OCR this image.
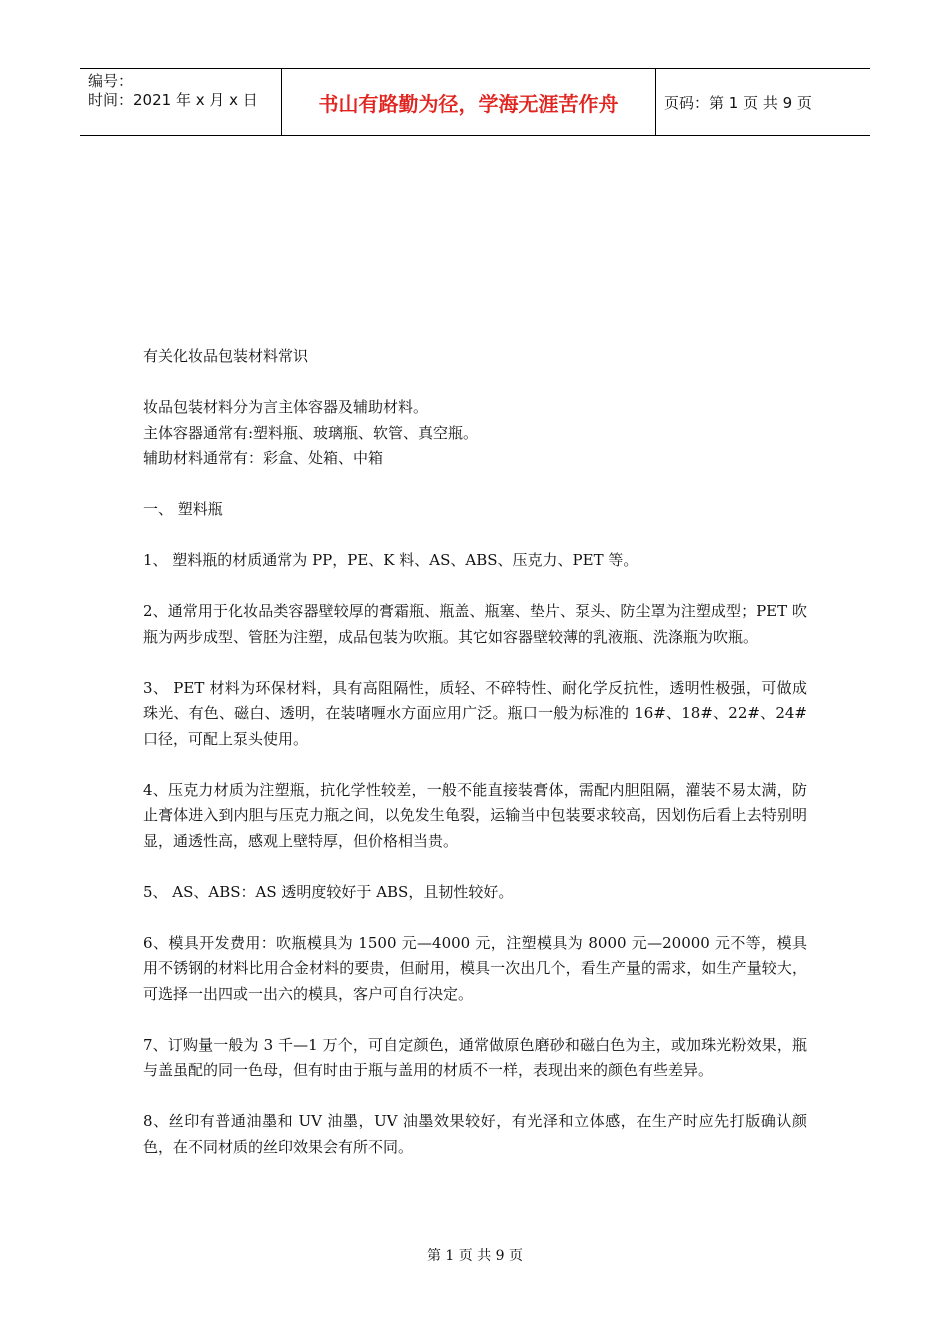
编号：
时间：2021 年 x 月 x 日	书山有路勤为径，学海无涯苦作舟	页码：第 1 页 共 9 页

有关化妆品包装材料常识

妆品包装材料分为言主体容器及辅助材料。

主体容器通常有:塑料瓶、玻璃瓶、软管、真空瓶。

辅助材料通常有：彩盒、处箱、中箱

一、 塑料瓶

1、 塑料瓶的材质通常为 PP，PE、K 料、AS、ABS、压克力、PET 等。

2、通常用于化妆品类容器壁较厚的膏霜瓶、瓶盖、瓶塞、垫片、泵头、防尘罩为注塑成型；PET 吹瓶为两步成型、管胚为注塑，成品包装为吹瓶。其它如容器壁较薄的乳液瓶、洗涤瓶为吹瓶。

3、 PET 材料为环保材料，具有高阻隔性，质轻、不碎特性、耐化学反抗性，透明性极强，可做成珠光、有色、磁白、透明，在装啫喱水方面应用广泛。瓶口一般为标准的 16#、18#、22#、24#口径，可配上泵头使用。

4、压克力材质为注塑瓶，抗化学性较差，一般不能直接装膏体，需配内胆阻隔，灌装不易太满，防止膏体进入到内胆与压克力瓶之间，以免发生龟裂，运输当中包装要求较高，因划伤后看上去特别明显，通透性高，感观上壁特厚，但价格相当贵。

5、 AS、ABS：AS 透明度较好于 ABS，且韧性较好。

6、模具开发费用：吹瓶模具为 1500 元—4000 元，注塑模具为 8000 元—20000 元不等，模具用不锈钢的材料比用合金材料的要贵，但耐用，模具一次出几个，看生产量的需求，如生产量较大，可选择一出四或一出六的模具，客户可自行决定。

7、订购量一般为 3 千—1 万个，可自定颜色，通常做原色磨砂和磁白色为主，或加珠光粉效果，瓶与盖虽配的同一色母，但有时由于瓶与盖用的材质不一样，表现出来的颜色有些差异。

8、丝印有普通油墨和 UV 油墨，UV 油墨效果较好，有光泽和立体感，在生产时应先打版确认颜色，在不同材质的丝印效果会有所不同。

第 1 页 共 9 页
